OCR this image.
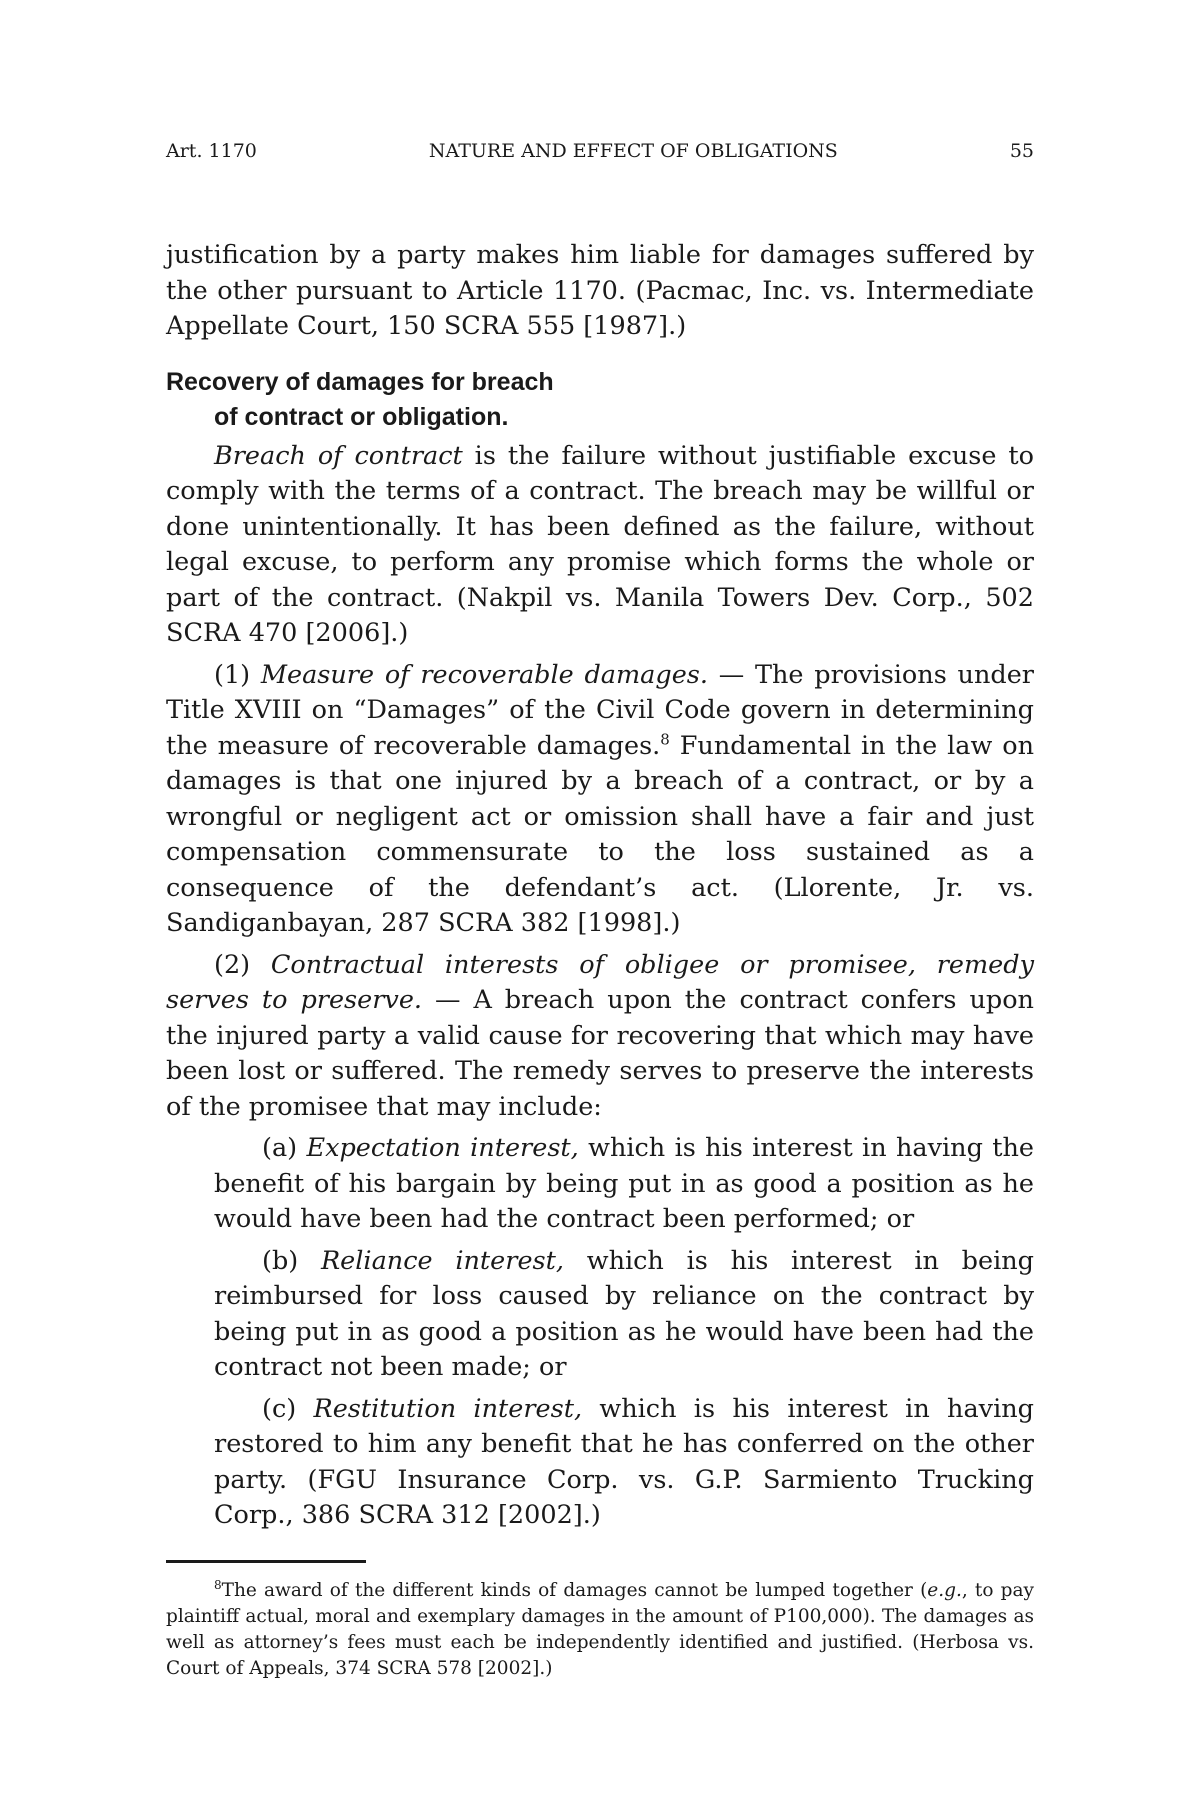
Art. 1170	NATURE AND EFFECT OF OBLIGATIONS	55

justification by a party makes him liable for damages suffered by the other pursuant to Article 1170. (Pacmac, Inc. vs. Intermediate Appellate Court, 150 SCRA 555 [1987].)

Recovery of damages for breach
of contract or obligation.

Breach of contract is the failure without justifiable excuse to comply with the terms of a contract. The breach may be willful or done unintentionally. It has been defined as the failure, without legal excuse, to perform any promise which forms the whole or part of the contract. (Nakpil vs. Manila Towers Dev. Corp., 502 SCRA 470 [2006].)

(1) Measure of recoverable damages. — The provisions under Title XVIII on “Damages” of the Civil Code govern in determining the measure of recoverable damages.$^8$ Fundamental in the law on damages is that one injured by a breach of a contract, or by a wrongful or negligent act or omission shall have a fair and just compensation commensurate to the loss sustained as a consequence of the defendant’s act. (Llorente, Jr. vs. Sandiganbayan, 287 SCRA 382 [1998].)

(2) Contractual interests of obligee or promisee, remedy serves to preserve. — A breach upon the contract confers upon the injured party a valid cause for recovering that which may have been lost or suffered. The remedy serves to preserve the interests of the promisee that may include:

(a) Expectation interest, which is his interest in having the benefit of his bargain by being put in as good a position as he would have been had the contract been performed; or

(b) Reliance interest, which is his interest in being reimbursed for loss caused by reliance on the contract by being put in as good a position as he would have been had the contract not been made; or

(c) Restitution interest, which is his interest in having restored to him any benefit that he has conferred on the other party. (FGU Insurance Corp. vs. G.P. Sarmiento Trucking Corp., 386 SCRA 312 [2002].)

$^8$The award of the different kinds of damages cannot be lumped together (e.g., to pay plaintiff actual, moral and exemplary damages in the amount of P100,000). The damages as well as attorney’s fees must each be independently identified and justified. (Herbosa vs. Court of Appeals, 374 SCRA 578 [2002].)
